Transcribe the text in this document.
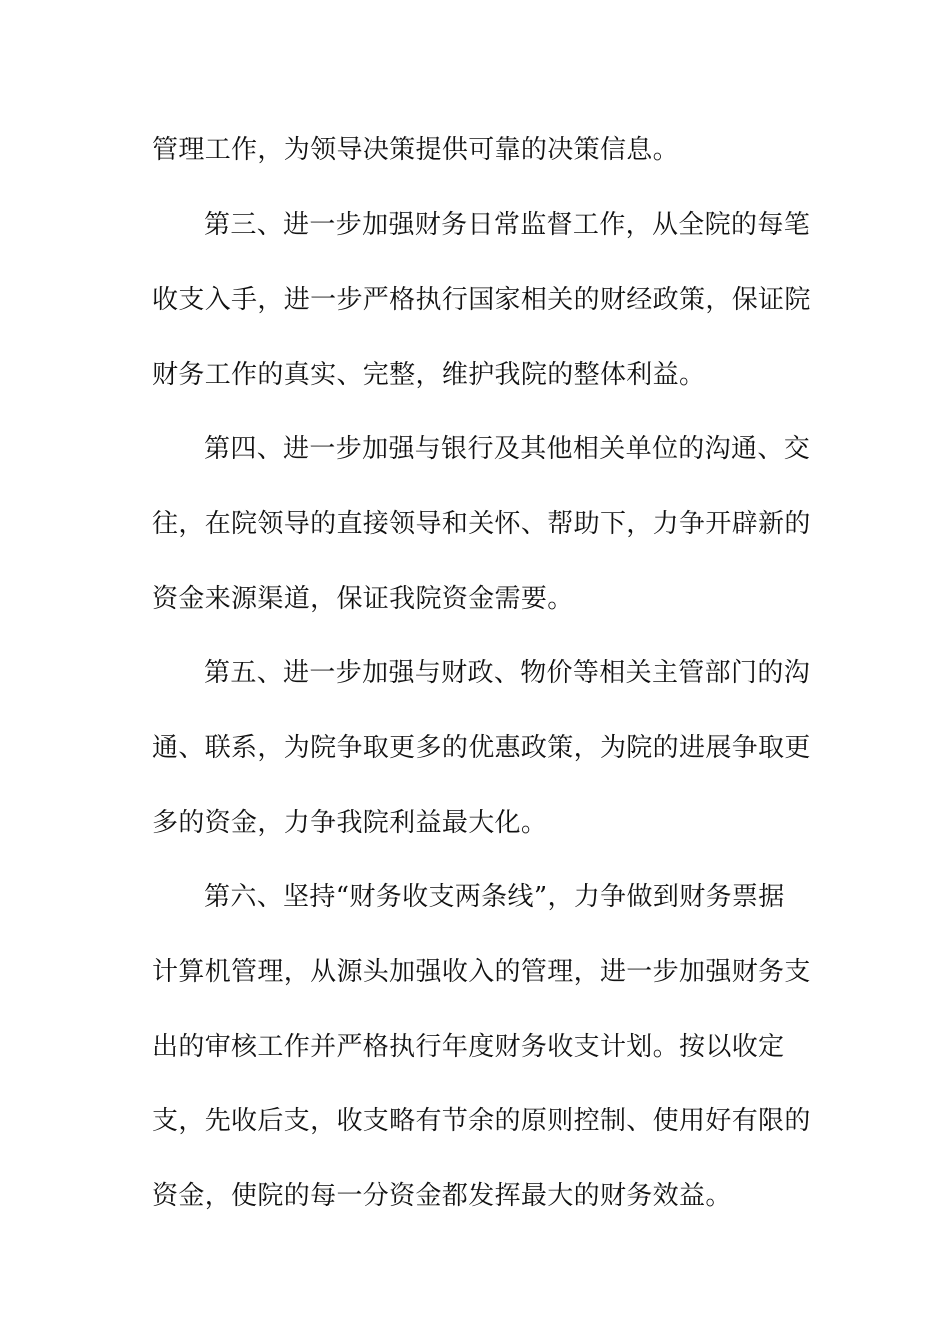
管理工作，为领导决策提供可靠的决策信息。
第三、进一步加强财务日常监督工作，从全院的每笔
收支入手，进一步严格执行国家相关的财经政策，保证院
财务工作的真实、完整，维护我院的整体利益。
第四、进一步加强与银行及其他相关单位的沟通、交
往，在院领导的直接领导和关怀、帮助下，力争开辟新的
资金来源渠道，保证我院资金需要。
第五、进一步加强与财政、物价等相关主管部门的沟
通、联系，为院争取更多的优惠政策，为院的进展争取更
多的资金，力争我院利益最大化。
第六、坚持“财务收支两条线”，力争做到财务票据
计算机管理，从源头加强收入的管理，进一步加强财务支
出的审核工作并严格执行年度财务收支计划。按以收定
支，先收后支，收支略有节余的原则控制、使用好有限的
资金，使院的每一分资金都发挥最大的财务效益。
